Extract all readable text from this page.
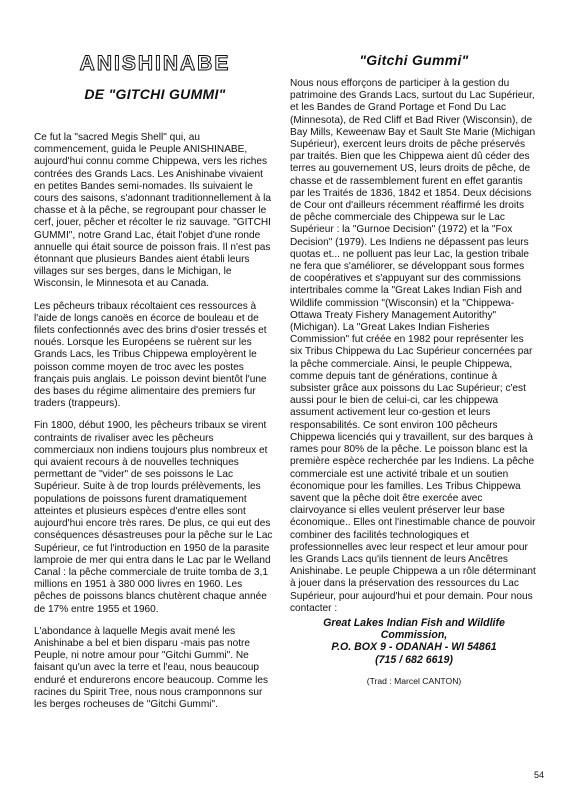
ANISHINABE
DE "GITCHI GUMMI"

Ce fut la "sacred Megis Shell" qui, au commencement, guida le Peuple ANISHINABE, aujourd'hui connu comme Chippewa, vers les riches contrées des Grands Lacs. Les Anishinabe vivaient en petites Bandes semi-nomades. Ils suivaient le cours des saisons, s'adonnant traditionnellement à la chasse et à la pêche, se regroupant pour chasser le cerf, jouer, pêcher et récolter le riz sauvage. "GITCHI GUMMI", notre Grand Lac, était l'objet d'une ronde annuelle qui était source de poisson frais. Il n'est pas étonnant que plusieurs Bandes aient établi leurs villages sur ses berges, dans le Michigan, le Wisconsin, le Minnesota et au Canada.

Les pêcheurs tribaux récoltaient ces ressources à l'aide de longs canoës en écorce de bouleau et de filets confectionnés avec des brins d'osier tressés et noués. Lorsque les Européens se ruèrent sur les Grands Lacs, les Tribus Chippewa employèrent le poisson comme moyen de troc avec les postes français puis anglais. Le poisson devint bientôt l'une des bases du régime alimentaire des premiers fur traders (trappeurs).

Fin 1800, début 1900, les pêcheurs tribaux se virent contraints de rivaliser avec les pêcheurs commerciaux non indiens toujours plus nombreux et qui avaient recours à de nouvelles techniques permettant de "vider" de ses poissons le Lac Supérieur. Suite à de trop lourds prélèvements, les populations de poissons furent dramatiquement atteintes et plusieurs espèces d'entre elles sont aujourd'hui encore très rares. De plus, ce qui eut des conséquences désastreuses pour la pêche sur le Lac Supérieur, ce fut l'introduction en 1950 de la parasite lamproie de mer qui entra dans le Lac par le Welland Canal : la pêche commerciale de truite tomba de 3,1 millions en 1951 à 380 000 livres en 1960. Les pêches de poissons blancs chutèrent chaque année de 17% entre 1955 et 1960.

L'abondance à laquelle Megis avait mené les Anishinabe a bel et bien disparu -mais pas notre Peuple, ni notre amour pour "Gitchi Gummi". Ne faisant qu'un avec la terre et l'eau, nous beaucoup enduré et endurerons encore beaucoup. Comme les racines du Spirit Tree, nous nous cramponnons sur les berges rocheuses de "Gitchi Gummi".

"Gitchi Gummi"

Nous nous efforçons de participer à la gestion du patrimoine des Grands Lacs, surtout du Lac Supérieur, et les Bandes de Grand Portage et Fond Du Lac (Minnesota), de Red Cliff et Bad River (Wisconsin), de Bay Mills, Keweenaw Bay et Sault Ste Marie (Michigan Supérieur), exercent leurs droits de pêche préservés par traités. Bien que les Chippewa aient dû céder des terres au gouvernement US, leurs droits de pêche, de chasse et de rassemblement furent en effet garantis par les Traités de 1836, 1842 et 1854. Deux décisions de Cour ont d'ailleurs récemment réaffirmé les droits de pêche commerciale des Chippewa sur le Lac Supérieur : la "Gurnoe Decision" (1972) et la "Fox Decision" (1979). Les Indiens ne dépassent pas leurs quotas et... ne polluent pas leur Lac, la gestion tribale ne fera que s'améliorer, se développant sous formes de coopératives et s'appuyant sur des commissions intertribales comme la "Great Lakes Indian Fish and Wildlife commission "(Wisconsin) et la "Chippewa-Ottawa Treaty Fishery Management Autorithy" (Michigan). La "Great Lakes Indian Fisheries Commission" fut créée en 1982 pour représenter les six Tribus Chippewa du Lac Supérieur concernées par la pêche commerciale. Ainsi, le peuple Chippewa, comme depuis tant de générations, continue à subsister grâce aux poissons du Lac Supérieur; c'est aussi pour le bien de celui-ci, car les chippewa assument activement leur co-gestion et leurs responsabilités. Ce sont environ 100 pêcheurs Chippewa licenciés qui y travaillent, sur des barques à rames pour 80% de la pêche. Le poisson blanc est la première espèce recherchée par les Indiens. La pêche commerciale est une activité tribale et un soutien économique pour les familles. Les Tribus Chippewa savent que la pêche doit être exercée avec clairvoyance si elles veulent préserver leur base économique.. Elles ont l'inestimable chance de pouvoir combiner des facilités technologiques et professionnelles avec leur respect et leur amour pour les Grands Lacs qu'ils tiennent de leurs Ancêtres Anishinabe. Le peuple Chippewa a un rôle déterminant à jouer dans la préservation des ressources du Lac Supérieur, pour aujourd'hui et pour demain. Pour nous contacter :

Great Lakes Indian Fish and Wildlife
Commission,
P.O. BOX 9 - ODANAH - WI 54861
(715 / 682 6619)
(Trad : Marcel CANTON)
54
